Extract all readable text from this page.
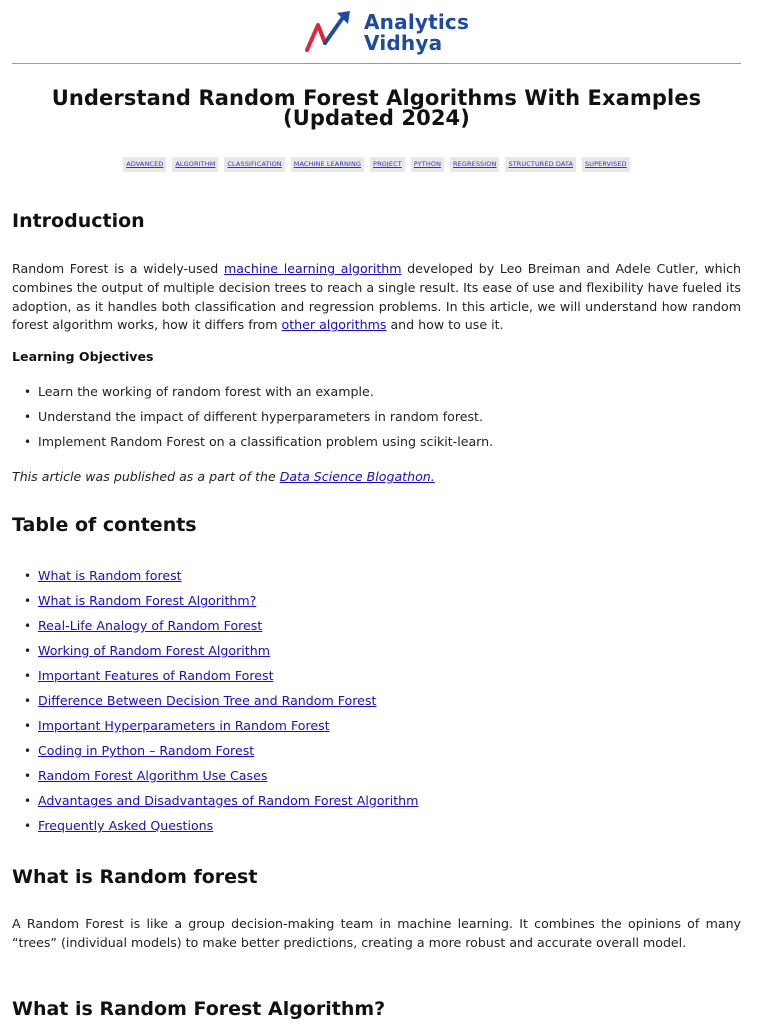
Analytics
Vidhya
Understand Random Forest Algorithms With Examples (Updated 2024)
ADVANCED ALGORITHM CLASSIFICATION MACHINE LEARNING PROJECT PYTHON REGRESSION STRUCTURED DATA SUPERVISED
Introduction

Random Forest is a widely-used machine learning algorithm developed by Leo Breiman and Adele Cutler, which combines the output of multiple decision trees to reach a single result. Its ease of use and flexibility have fueled its adoption, as it handles both classification and regression problems. In this article, we will understand how random forest algorithm works, how it differs from other algorithms and how to use it.

Learning Objectives

• Learn the working of random forest with an example.
• Understand the impact of different hyperparameters in random forest.
• Implement Random Forest on a classification problem using scikit-learn.

This article was published as a part of the Data Science Blogathon.

Table of contents
• What is Random forest
• What is Random Forest Algorithm?
• Real-Life Analogy of Random Forest
• Working of Random Forest Algorithm
• Important Features of Random Forest
• Difference Between Decision Tree and Random Forest
• Important Hyperparameters in Random Forest
• Coding in Python – Random Forest
• Random Forest Algorithm Use Cases
• Advantages and Disadvantages of Random Forest Algorithm
• Frequently Asked Questions
What is Random forest

A Random Forest is like a group decision-making team in machine learning. It combines the opinions of many “trees” (individual models) to make better predictions, creating a more robust and accurate overall model.

What is Random Forest Algorithm?
